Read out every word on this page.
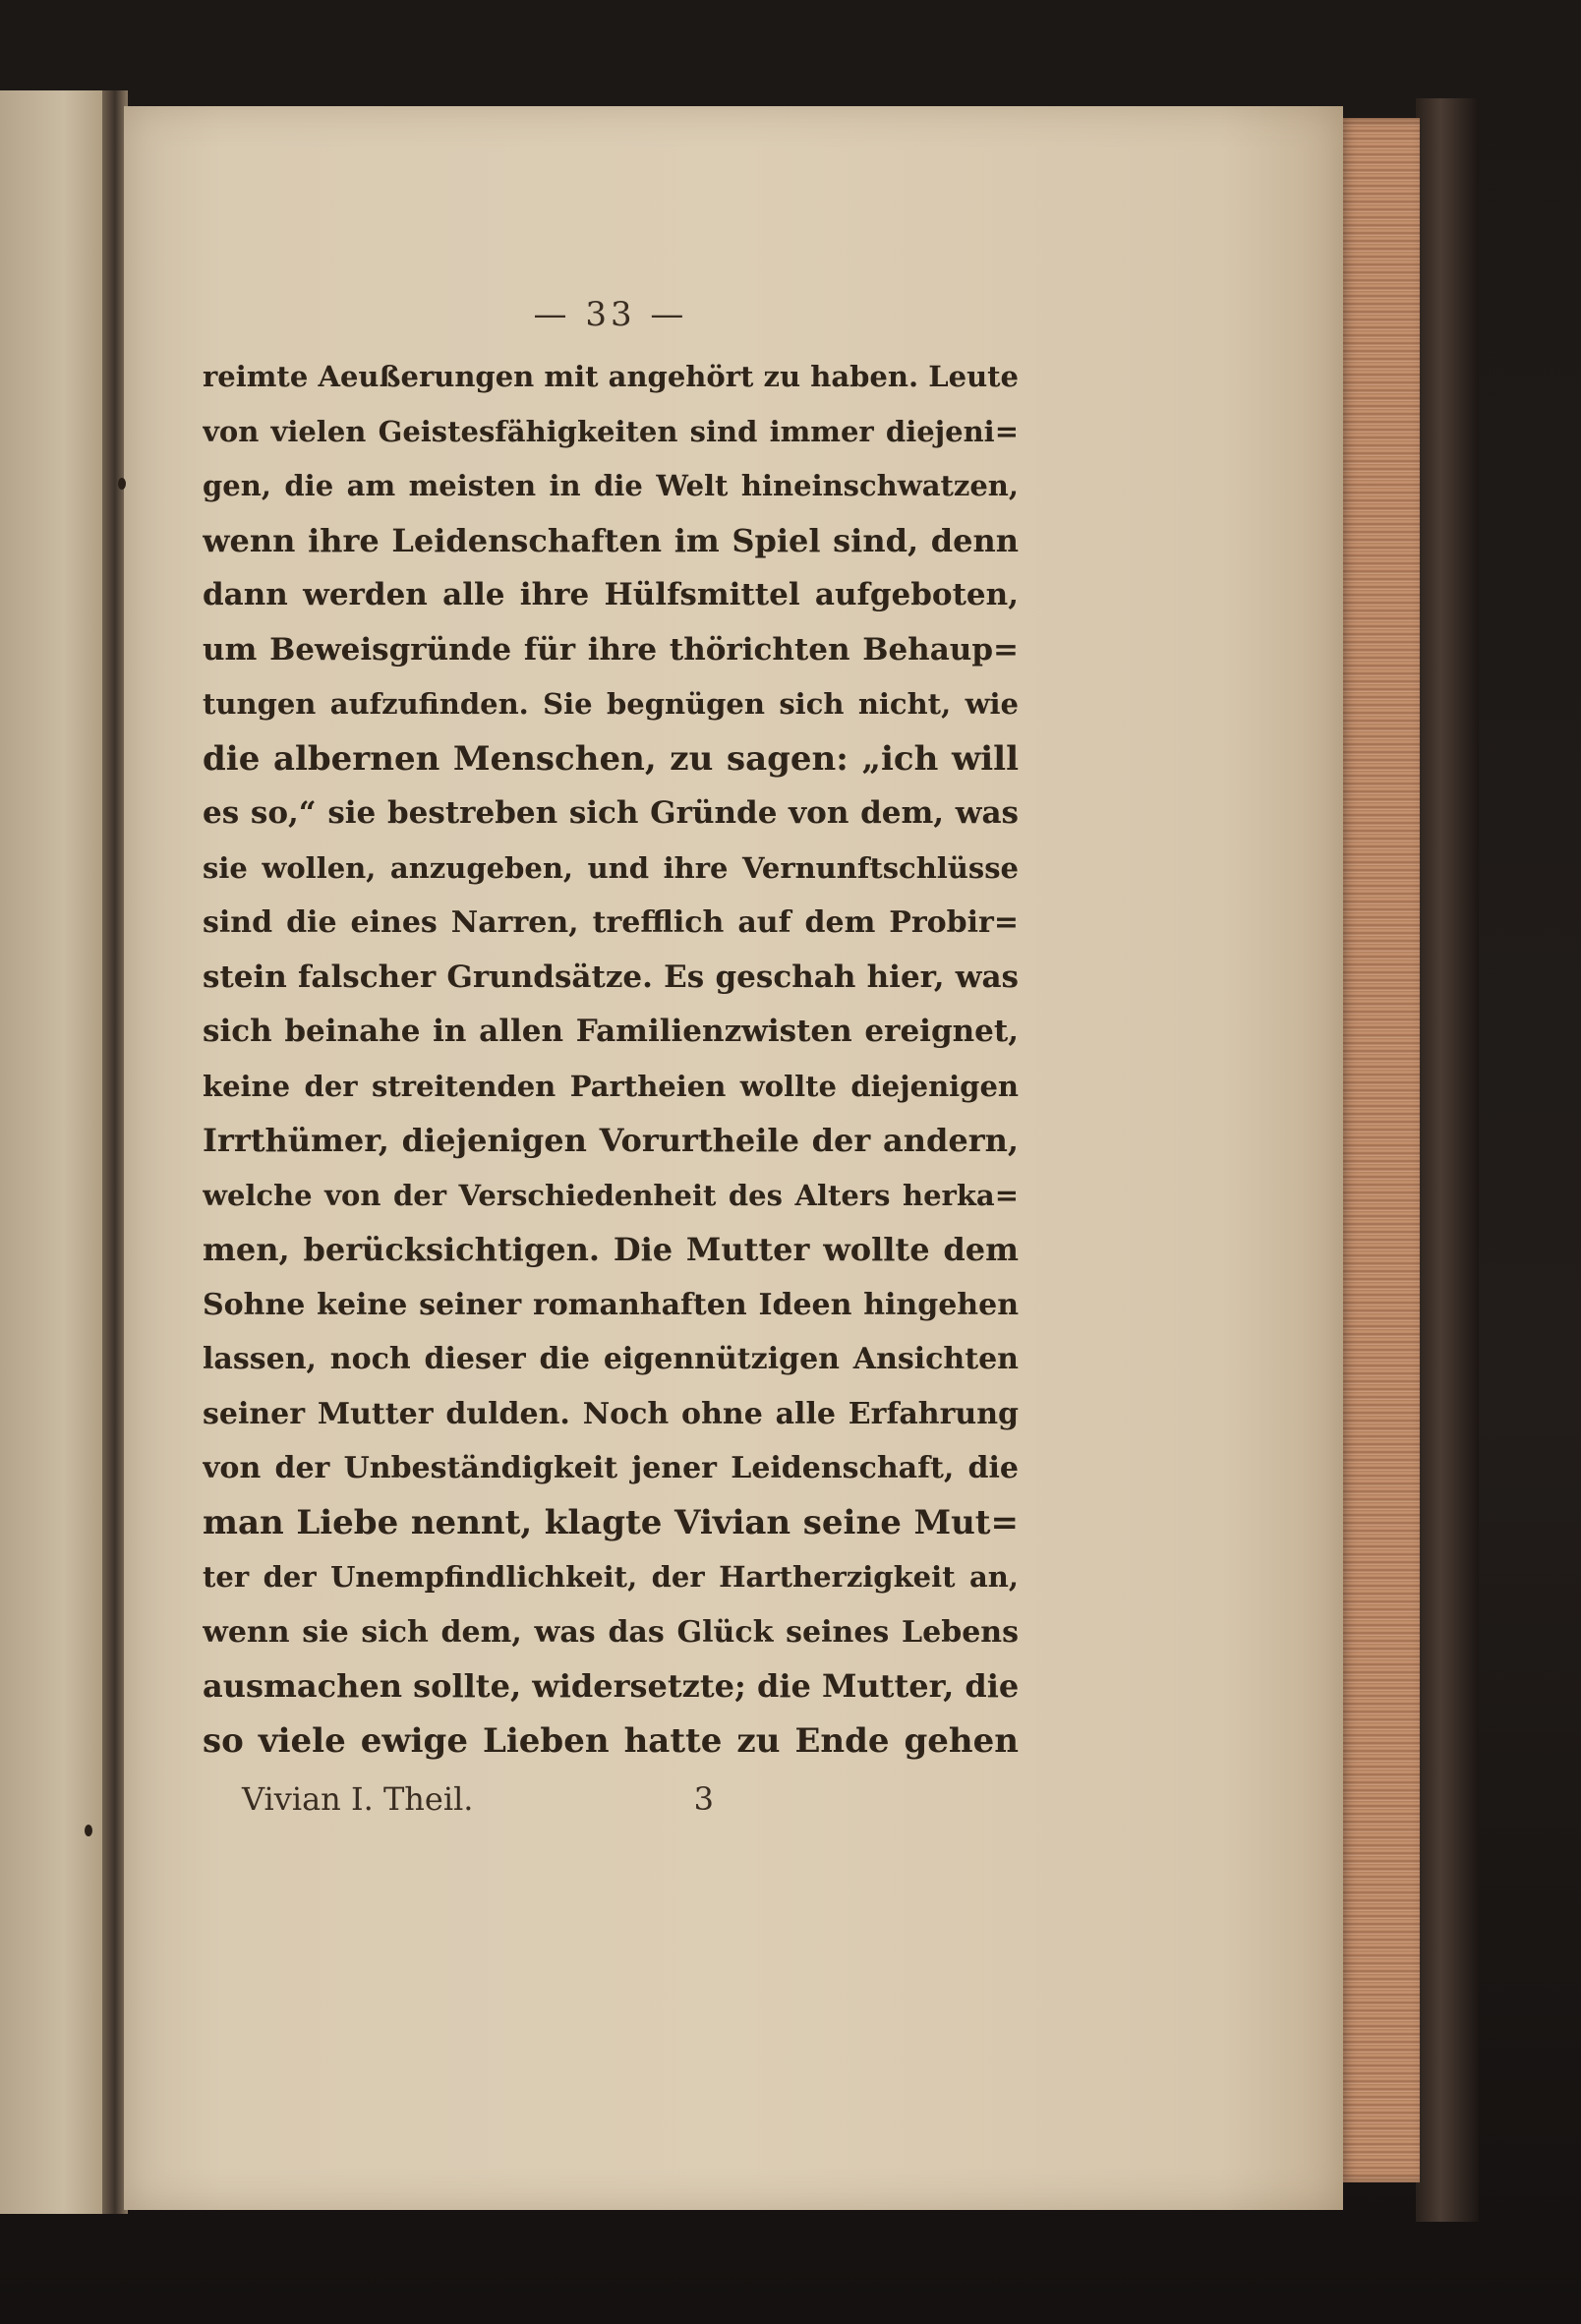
— 33 —
reimte Aeußerungen mit angehört zu haben. Leute
von vielen Geistesfähigkeiten sind immer diejeni=
gen, die am meisten in die Welt hineinschwatzen,
wenn ihre Leidenschaften im Spiel sind, denn
dann werden alle ihre Hülfsmittel aufgeboten,
um Beweisgründe für ihre thörichten Behaup=
tungen aufzufinden. Sie begnügen sich nicht, wie
die albernen Menschen, zu sagen: „ich will
es so,“ sie bestreben sich Gründe von dem, was
sie wollen, anzugeben, und ihre Vernunftschlüsse
sind die eines Narren, trefflich auf dem Probir=
stein falscher Grundsätze. Es geschah hier, was
sich beinahe in allen Familienzwisten ereignet,
keine der streitenden Partheien wollte diejenigen
Irrthümer, diejenigen Vorurtheile der andern,
welche von der Verschiedenheit des Alters herka=
men, berücksichtigen. Die Mutter wollte dem
Sohne keine seiner romanhaften Ideen hingehen
lassen, noch dieser die eigennützigen Ansichten
seiner Mutter dulden. Noch ohne alle Erfahrung
von der Unbeständigkeit jener Leidenschaft, die
man Liebe nennt, klagte Vivian seine Mut=
ter der Unempfindlichkeit, der Hartherzigkeit an,
wenn sie sich dem, was das Glück seines Lebens
ausmachen sollte, widersetzte; die Mutter, die
so viele ewige Lieben hatte zu Ende gehen
Vivian I. Theil.	3
